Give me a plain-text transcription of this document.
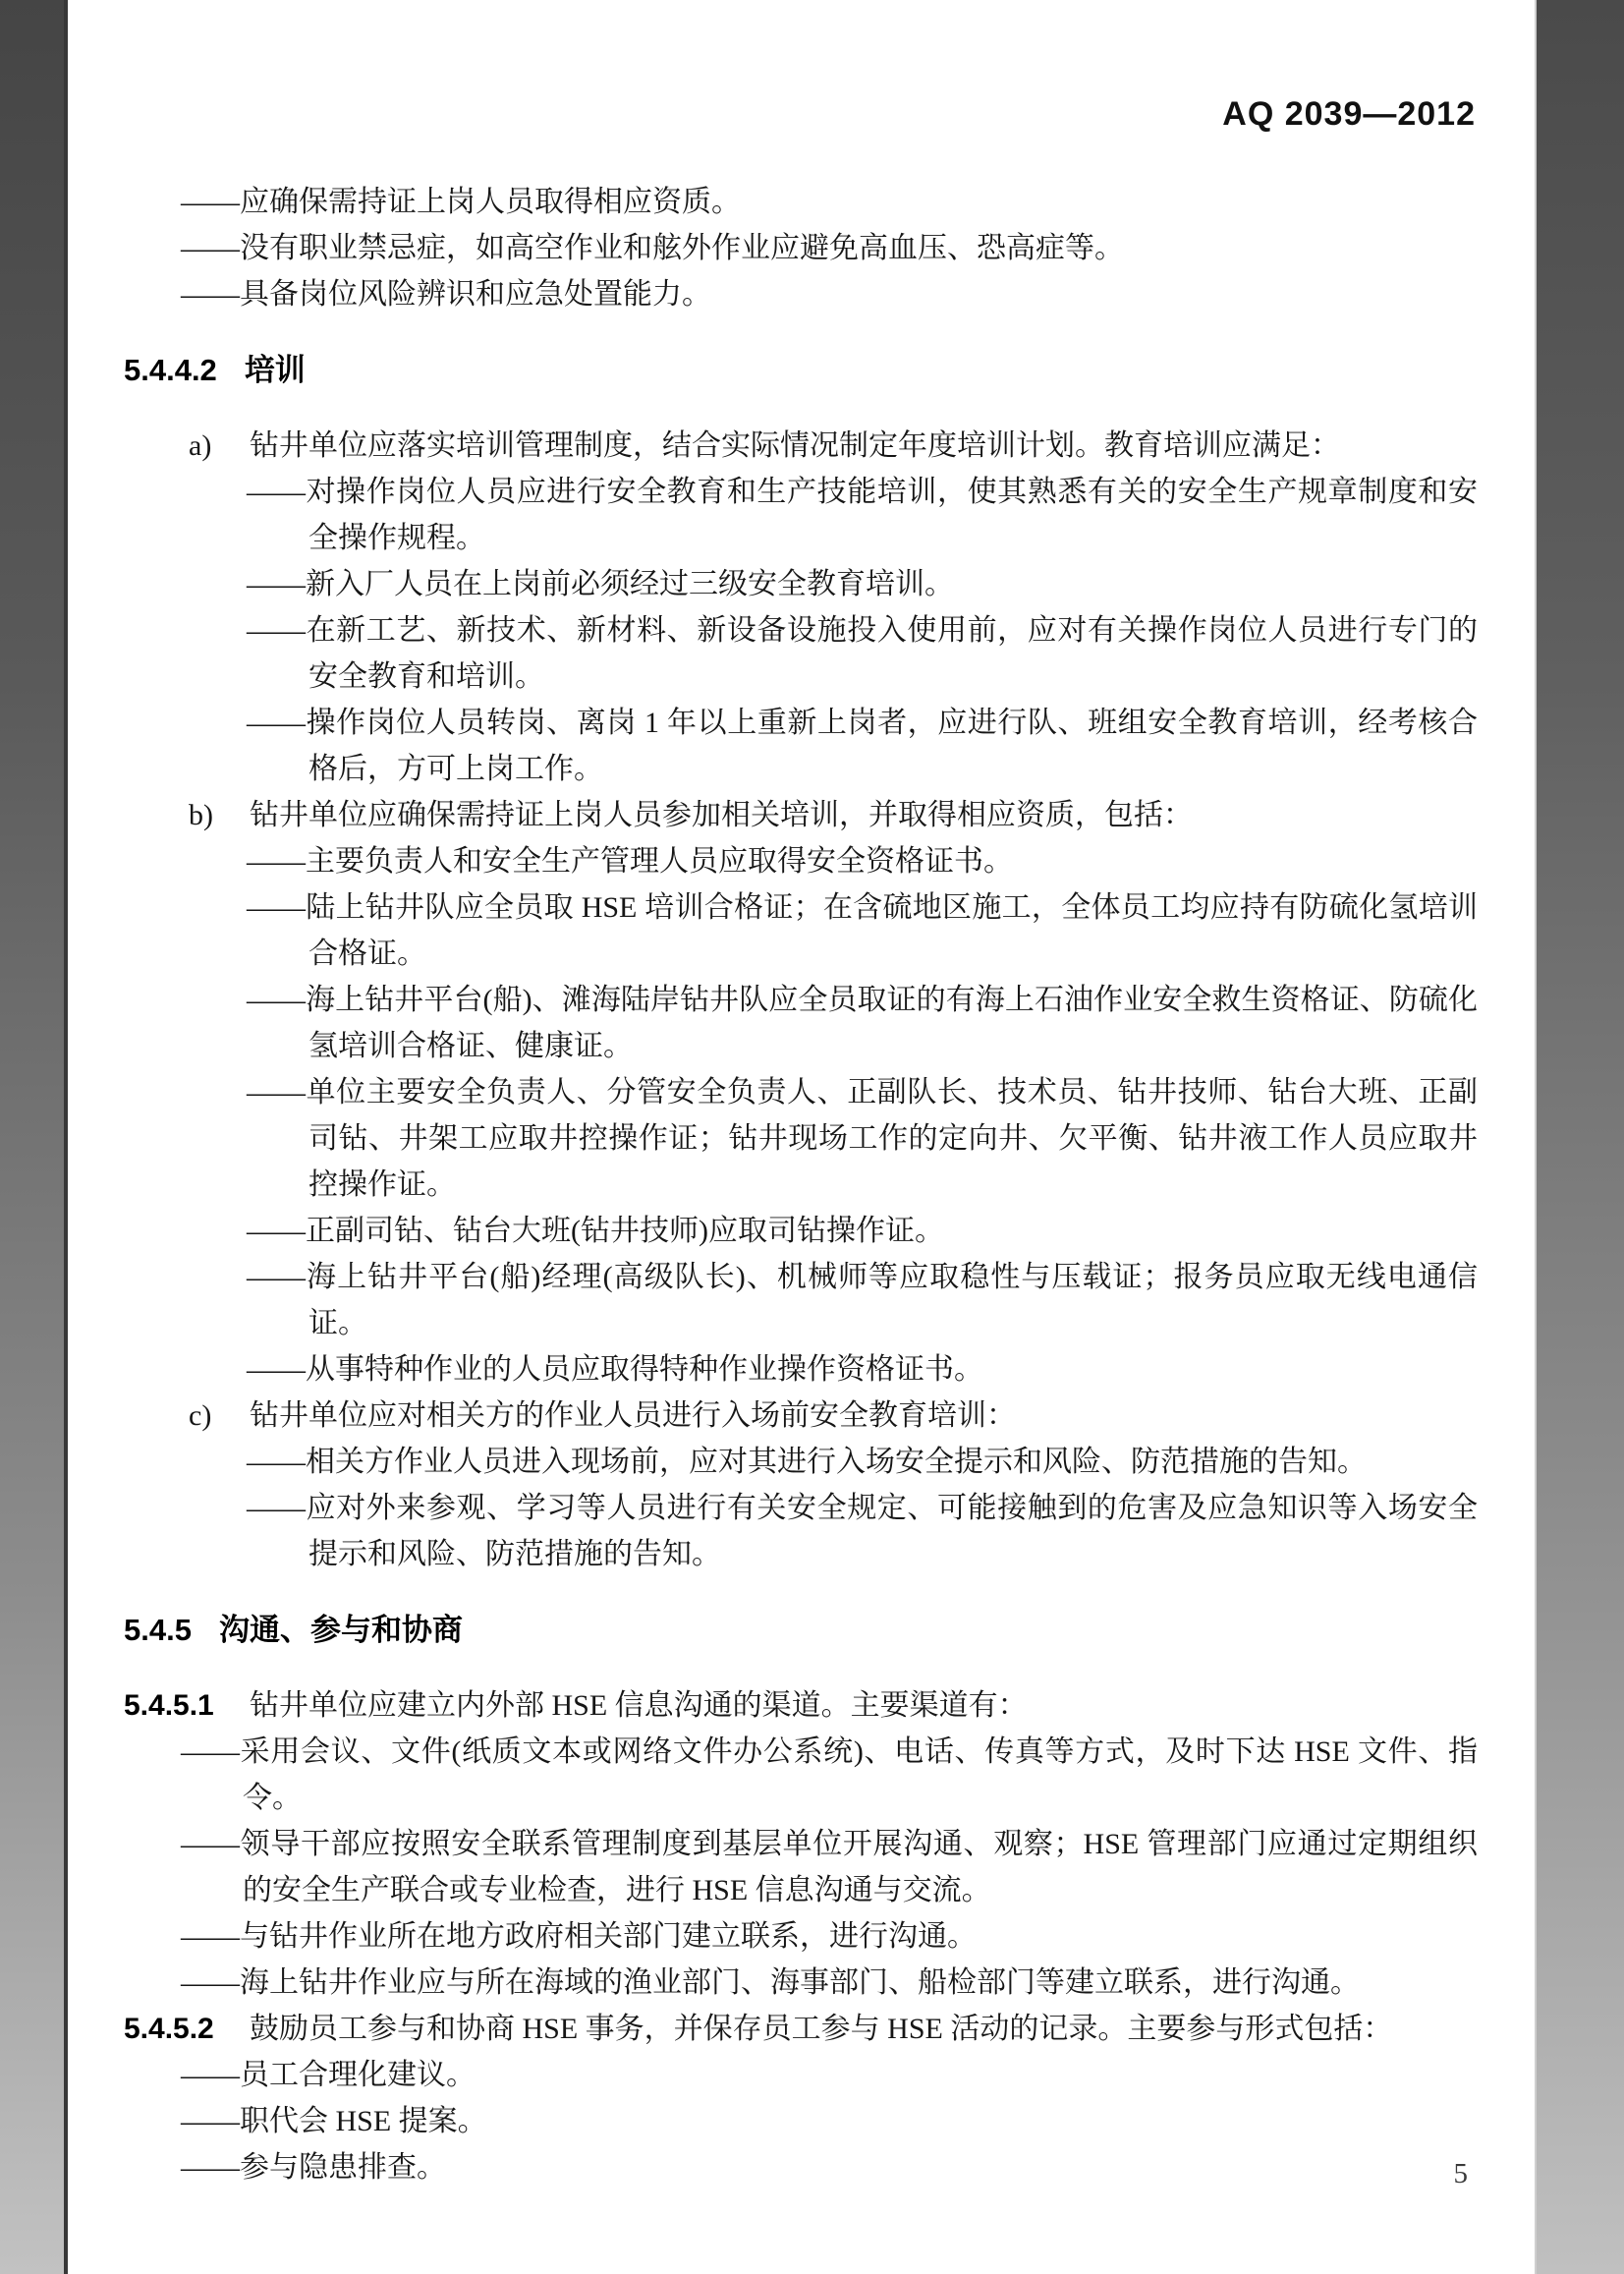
AQ 2039—2012

——应确保需持证上岗人员取得相应资质。

——没有职业禁忌症，如高空作业和舷外作业应避免高血压、恐高症等。

——具备岗位风险辨识和应急处置能力。

5.4.4.2 培训

a) 钻井单位应落实培训管理制度，结合实际情况制定年度培训计划。教育培训应满足：

——对操作岗位人员应进行安全教育和生产技能培训，使其熟悉有关的安全生产规章制度和安全操作规程。

——新入厂人员在上岗前必须经过三级安全教育培训。

——在新工艺、新技术、新材料、新设备设施投入使用前，应对有关操作岗位人员进行专门的安全教育和培训。

——操作岗位人员转岗、离岗 1 年以上重新上岗者，应进行队、班组安全教育培训，经考核合格后，方可上岗工作。

b) 钻井单位应确保需持证上岗人员参加相关培训，并取得相应资质，包括：

——主要负责人和安全生产管理人员应取得安全资格证书。

——陆上钻井队应全员取 HSE 培训合格证；在含硫地区施工，全体员工均应持有防硫化氢培训合格证。

——海上钻井平台(船)、滩海陆岸钻井队应全员取证的有海上石油作业安全救生资格证、防硫化氢培训合格证、健康证。

——单位主要安全负责人、分管安全负责人、正副队长、技术员、钻井技师、钻台大班、正副司钻、井架工应取井控操作证；钻井现场工作的定向井、欠平衡、钻井液工作人员应取井控操作证。

——正副司钻、钻台大班(钻井技师)应取司钻操作证。

——海上钻井平台(船)经理(高级队长)、机械师等应取稳性与压载证；报务员应取无线电通信证。

——从事特种作业的人员应取得特种作业操作资格证书。

c) 钻井单位应对相关方的作业人员进行入场前安全教育培训：

——相关方作业人员进入现场前，应对其进行入场安全提示和风险、防范措施的告知。

——应对外来参观、学习等人员进行有关安全规定、可能接触到的危害及应急知识等入场安全提示和风险、防范措施的告知。

5.4.5 沟通、参与和协商

5.4.5.1 钻井单位应建立内外部 HSE 信息沟通的渠道。主要渠道有：

——采用会议、文件(纸质文本或网络文件办公系统)、电话、传真等方式，及时下达 HSE 文件、指令。

——领导干部应按照安全联系管理制度到基层单位开展沟通、观察；HSE 管理部门应通过定期组织的安全生产联合或专业检查，进行 HSE 信息沟通与交流。

——与钻井作业所在地方政府相关部门建立联系，进行沟通。

——海上钻井作业应与所在海域的渔业部门、海事部门、船检部门等建立联系，进行沟通。

5.4.5.2 鼓励员工参与和协商 HSE 事务，并保存员工参与 HSE 活动的记录。主要参与形式包括：

——员工合理化建议。

——职代会 HSE 提案。

——参与隐患排查。	5
